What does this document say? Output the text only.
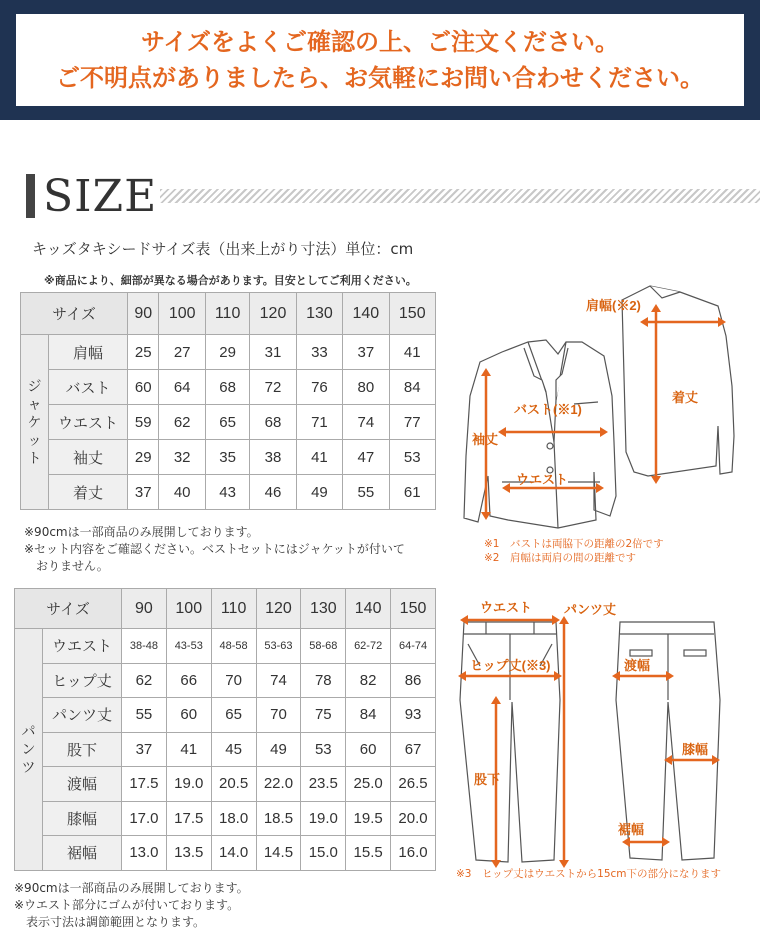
サイズをよくご確認の上、ご注文ください。
ご不明点がありましたら、お気軽にお問い合わせください。
SIZE
キッズタキシードサイズ表（出来上がり寸法）単位：cm
※商品により、細部が異なる場合があります。目安としてご利用ください。
サイズ		90	100	110	120	130	140	150
ジャケット	肩幅	25	27	29	31	33	37	41
	バスト	60	64	68	72	76	80	84
	ウエスト	59	62	65	68	71	74	77
	袖丈	29	32	35	38	41	47	53
	着丈	37	40	43	46	49	55	61
※90cmは一部商品のみ展開しております。
※セット内容をご確認ください。ベストセットにはジャケットが付いて
おりません。
肩幅(※2)
着丈
バスト(※1)
袖丈
ウエスト
※1　バストは両脇下の距離の2倍です
※2　肩幅は両肩の間の距離です
サイズ		90	100	110	120	130	140	150
パンツ	ウエスト	38-48	43-53	48-58	53-63	58-68	62-72	64-74
	ヒップ丈	62	66	70	74	78	82	86
	パンツ丈	55	60	65	70	75	84	93
	股下	37	41	45	49	53	60	67
	渡幅	17.5	19.0	20.5	22.0	23.5	25.0	26.5
	膝幅	17.0	17.5	18.0	18.5	19.0	19.5	20.0
	裾幅	13.0	13.5	14.0	14.5	15.0	15.5	16.0
※90cmは一部商品のみ展開しております。
※ウエスト部分にゴムが付いております。
表示寸法は調節範囲となります。
ウエスト パンツ丈
ヒップ丈(※3)	渡幅
股下
膝幅
裾幅
※3　ヒップ丈はウエストから15cm下の部分になります
